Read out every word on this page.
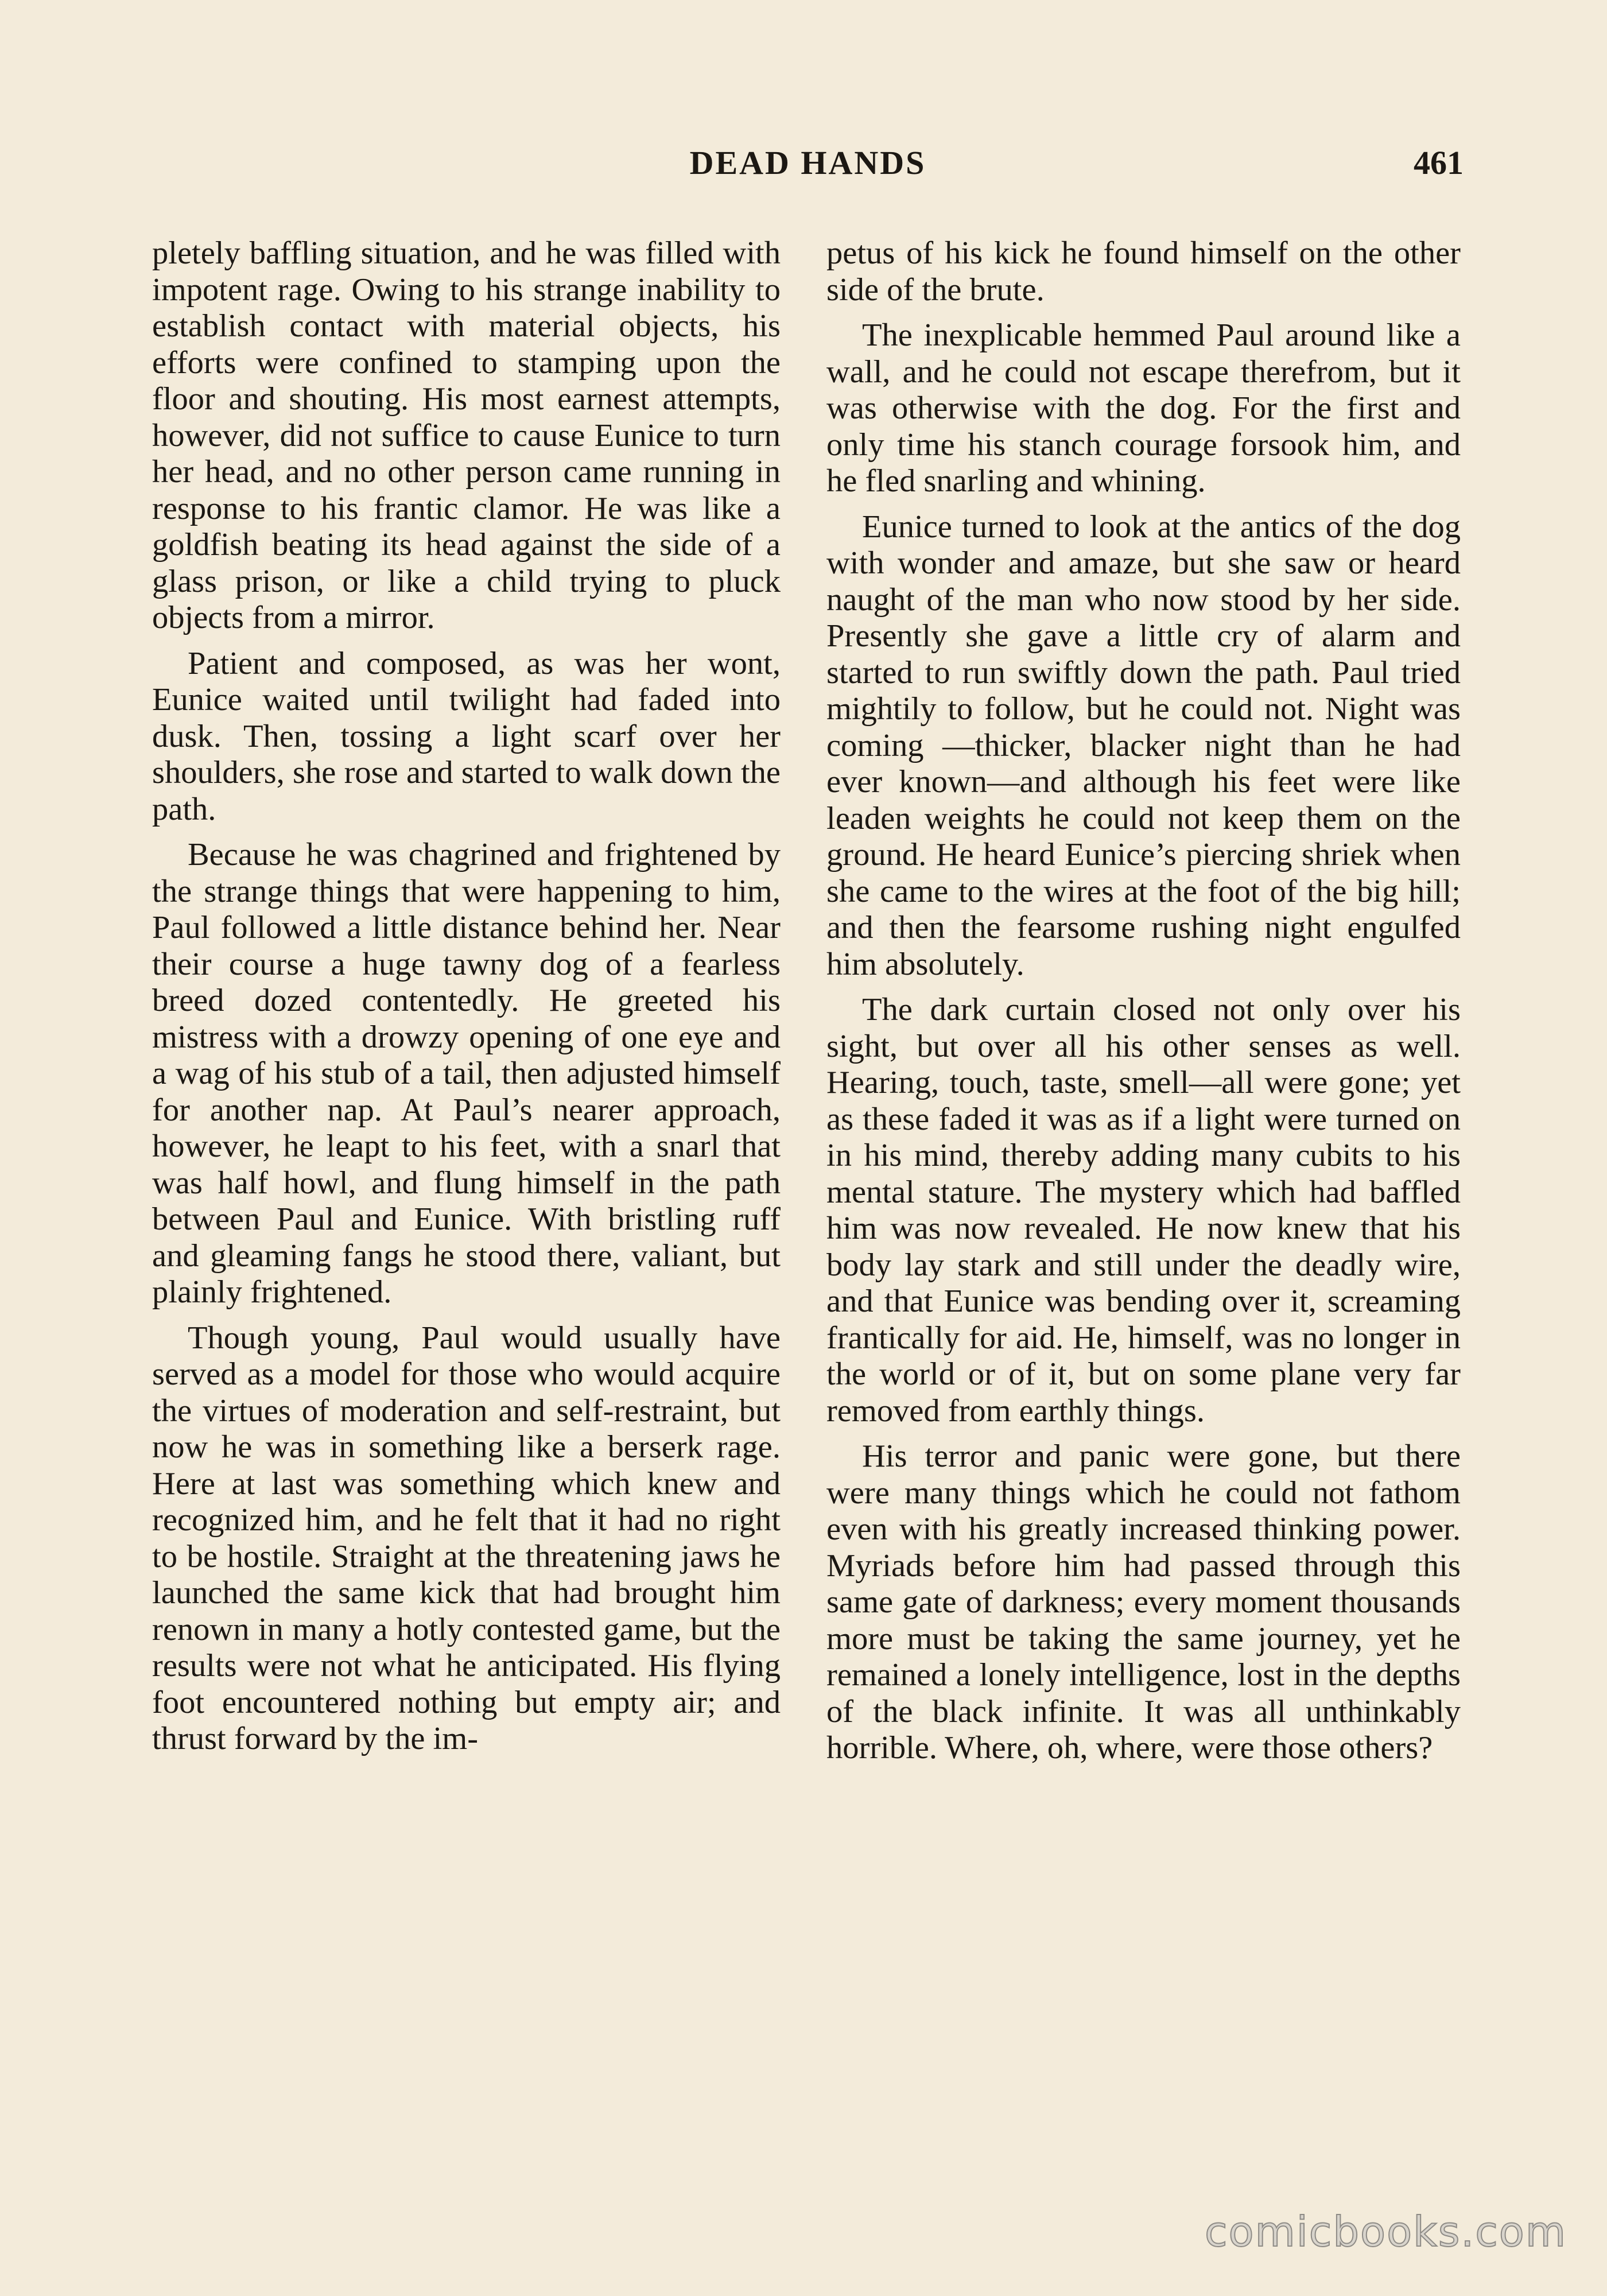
DEAD HANDS	461

pletely baffling situation, and he was filled with impotent rage. Owing to his strange inability to establish contact with material objects, his efforts were confined to stamping upon the floor and shouting. His most earnest attempts, however, did not suffice to cause Eunice to turn her head, and no other person came running in response to his frantic clamor. He was like a goldfish beating its head against the side of a glass prison, or like a child trying to pluck objects from a mirror.

Patient and composed, as was her wont, Eunice waited until twilight had faded into dusk. Then, tossing a light scarf over her shoulders, she rose and started to walk down the path.

Because he was chagrined and frightened by the strange things that were happening to him, Paul followed a little distance behind her. Near their course a huge tawny dog of a fearless breed dozed contentedly. He greeted his mistress with a drowzy opening of one eye and a wag of his stub of a tail, then adjusted himself for another nap. At Paul’s nearer approach, however, he leapt to his feet, with a snarl that was half howl, and flung himself in the path between Paul and Eunice. With bristling ruff and gleaming fangs he stood there, valiant, but plainly frightened.

Though young, Paul would usually have served as a model for those who would acquire the virtues of moderation and self-restraint, but now he was in something like a berserk rage. Here at last was something which knew and recognized him, and he felt that it had no right to be hostile. Straight at the threatening jaws he launched the same kick that had brought him renown in many a hotly contested game, but the results were not what he anticipated. His flying foot encountered nothing but empty air; and thrust forward by the im-

petus of his kick he found himself on the other side of the brute.

The inexplicable hemmed Paul around like a wall, and he could not escape therefrom, but it was otherwise with the dog. For the first and only time his stanch courage forsook him, and he fled snarling and whining.

Eunice turned to look at the antics of the dog with wonder and amaze, but she saw or heard naught of the man who now stood by her side. Presently she gave a little cry of alarm and started to run swiftly down the path. Paul tried mightily to follow, but he could not. Night was coming —thicker, blacker night than he had ever known—and although his feet were like leaden weights he could not keep them on the ground. He heard Eunice’s piercing shriek when she came to the wires at the foot of the big hill; and then the fearsome rushing night engulfed him absolutely.

The dark curtain closed not only over his sight, but over all his other senses as well. Hearing, touch, taste, smell—all were gone; yet as these faded it was as if a light were turned on in his mind, thereby adding many cubits to his mental stature. The mystery which had baffled him was now revealed. He now knew that his body lay stark and still under the deadly wire, and that Eunice was bending over it, screaming frantically for aid. He, himself, was no longer in the world or of it, but on some plane very far removed from earthly things.

His terror and panic were gone, but there were many things which he could not fathom even with his greatly increased thinking power. Myriads before him had passed through this same gate of darkness; every moment thousands more must be taking the same journey, yet he remained a lonely intelligence, lost in the depths of the black infinite. It was all unthinkably horrible. Where, oh, where, were those others?

comicbooks.com
